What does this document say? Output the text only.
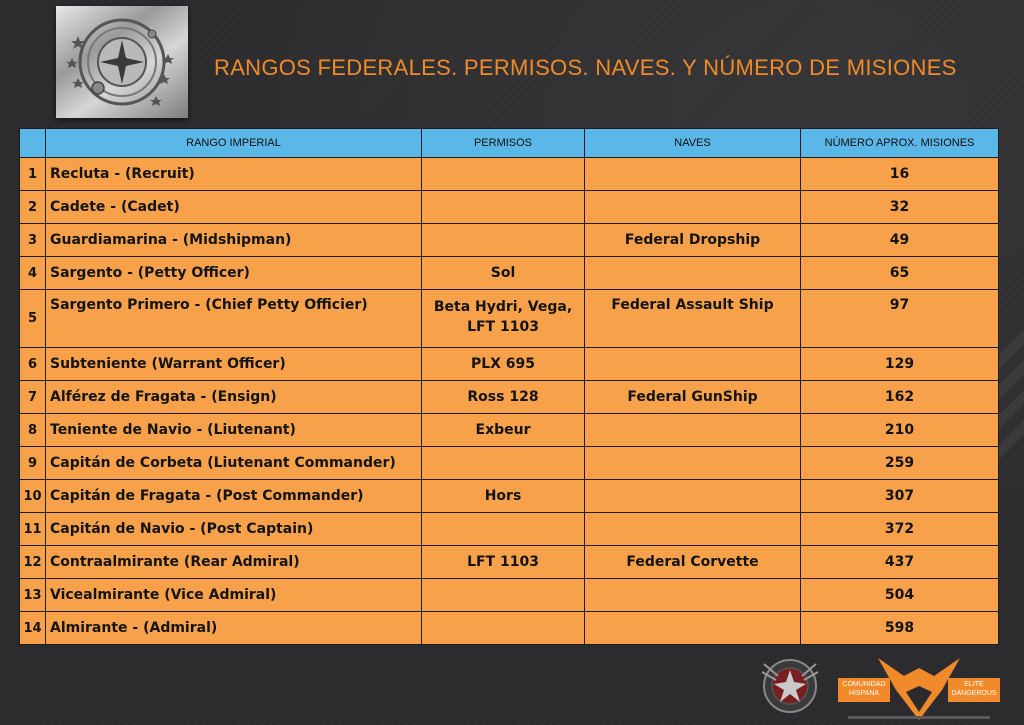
RANGOS FEDERALES. PERMISOS. NAVES. Y NÚMERO DE MISIONES
	RANGO IMPERIAL	PERMISOS	NAVES	NÚMERO APROX. MISIONES
1	Recluta - (Recruit)			16
2	Cadete - (Cadet)			32
3	Guardiamarina - (Midshipman)		Federal Dropship	49
4	Sargento - (Petty Officer)	Sol		65
5	Sargento Primero - (Chief Petty Officier)	Beta Hydri, Vega, LFT 1103	Federal Assault Ship	97
6	Subteniente (Warrant Officer)	PLX 695		129
7	Alférez de Fragata - (Ensign)	Ross 128	Federal GunShip	162
8	Teniente de Navio - (Liutenant)	Exbeur		210
9	Capitán de Corbeta (Liutenant Commander)			259
10	Capitán de Fragata - (Post Commander)	Hors		307
11	Capitán de Navio - (Post Captain)			372
12	Contraalmirante (Rear Admiral)	LFT 1103	Federal Corvette	437
13	Vicealmirante (Vice Admiral)			504
14	Almirante - (Admiral)			598
COMUNIDAD HISPANA
ELITE DANGEROUS
